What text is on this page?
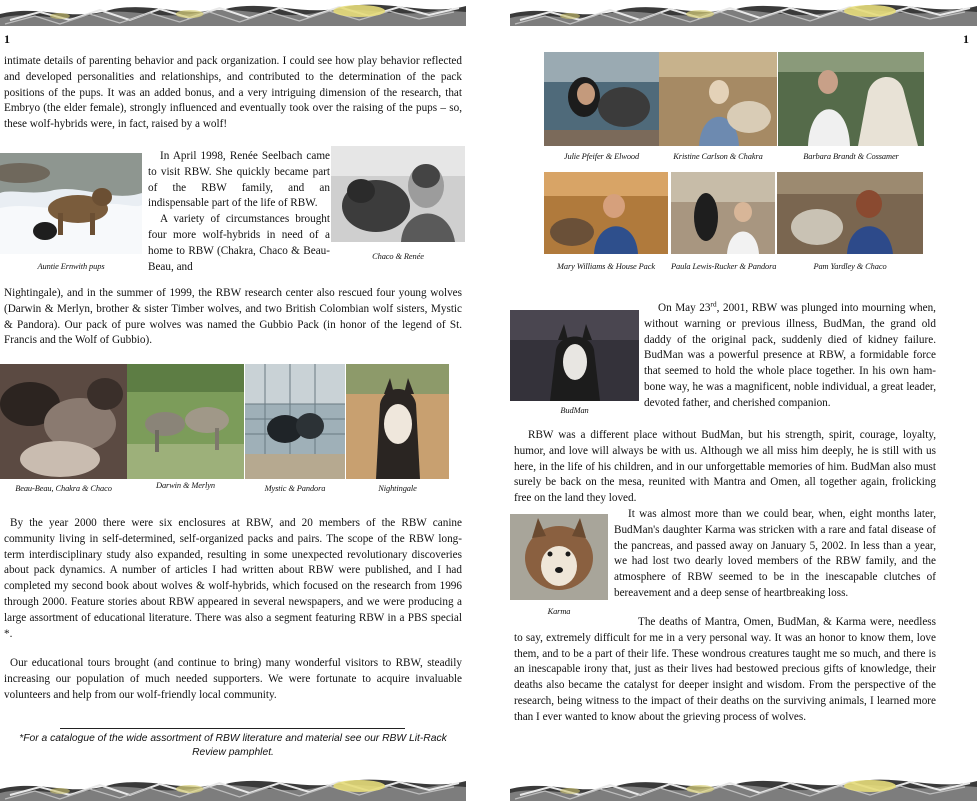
1
intimate details of parenting behavior and pack organization. I could see how play behavior reflected and developed personalities and relationships, and contributed to the determination of the pack positions of the pups. It was an added bonus, and a very intriguing dimension of the research, that Embryo (the elder female), strongly influenced and eventually took over the raising of the pups – so, these wolf-hybrids were, in fact, raised by a wolf!
Auntie Ernwith pups
In April 1998, Renée Seelbach came to visit RBW. She quickly became part of the RBW family, and an indispensable part of the life of RBW.
A variety of circumstances brought four more wolf-hybrids in need of a home to RBW (Chakra, Chaco & Beau-Beau, and
Chaco & Renée
Nightingale), and in the summer of 1999, the RBW research center also rescued four young wolves (Darwin & Merlyn, brother & sister Timber wolves, and two British Colombian wolf sisters, Mystic & Pandora). Our pack of pure wolves was named the Gubbio Pack (in honor of the legend of St. Francis and the Wolf of Gubbio).
Beau-Beau, Chakra & Chaco	Darwin & Merlyn	Mystic & Pandora	Nightingale
By the year 2000 there were six enclosures at RBW, and 20 members of the RBW canine community living in self-determined, self-organized packs and pairs. The scope of the RBW long-term interdisciplinary study also expanded, resulting in some unexpected revolutionary discoveries about pack dynamics. A number of articles I had written about RBW were published, and I had completed my second book about wolves & wolf-hybrids, which focused on the research from 1996 through 2000. Feature stories about RBW appeared in several newspapers, and we were producing a large assortment of educational literature. There was also a segment featuring RBW in a PBS special *.
Our educational tours brought (and continue to bring) many wonderful visitors to RBW, steadily increasing our population of much needed supporters. We were fortunate to acquire invaluable volunteers and help from our wolf-friendly local community.
*For a catalogue of the wide assortment of RBW literature and material see our RBW Lit-Rack Review pamphlet.
1
Julie Pfeifer & Elwood	Kristine Carlson & Chakra	Barbara Brandt & Cossamer
Mary Williams & House Pack	Paula Lewis-Rucker & Pandora	Pam Yardley & Chaco
BudMan
On May 23rd, 2001, RBW was plunged into mourning when, without warning or previous illness, BudMan, the grand old daddy of the original pack, suddenly died of kidney failure. BudMan was a powerful presence at RBW, a formidable force that seemed to hold the whole place together. In his own ham-bone way, he was a magnificent, noble individual, a great leader, devoted father, and cherished companion.
RBW was a different place without BudMan, but his strength, spirit, courage, loyalty, humor, and love will always be with us. Although we all miss him deeply, he is still with us here, in the life of his children, and in our unforgettable memories of him. BudMan also must surely be back on the mesa, reunited with Mantra and Omen, all together again, frolicking free on the land they loved.
Karma
It was almost more than we could bear, when, eight months later, BudMan's daughter Karma was stricken with a rare and fatal disease of the pancreas, and passed away on January 5, 2002. In less than a year, we had lost two dearly loved members of the RBW family, and the atmosphere of RBW seemed to be in the inescapable clutches of bereavement and a deep sense of heartbreaking loss.
The deaths of Mantra, Omen, BudMan, & Karma were, needless to say, extremely difficult for me in a very personal way. It was an honor to know them, love them, and to be a part of their life. These wondrous creatures taught me so much, and there is an inescapable irony that, just as their lives had bestowed precious gifts of knowledge, their deaths also became the catalyst for deeper insight and wisdom. From the perspective of the research, being witness to the impact of their deaths on the surviving animals, I learned more than I ever wanted to know about the grieving process of wolves.
